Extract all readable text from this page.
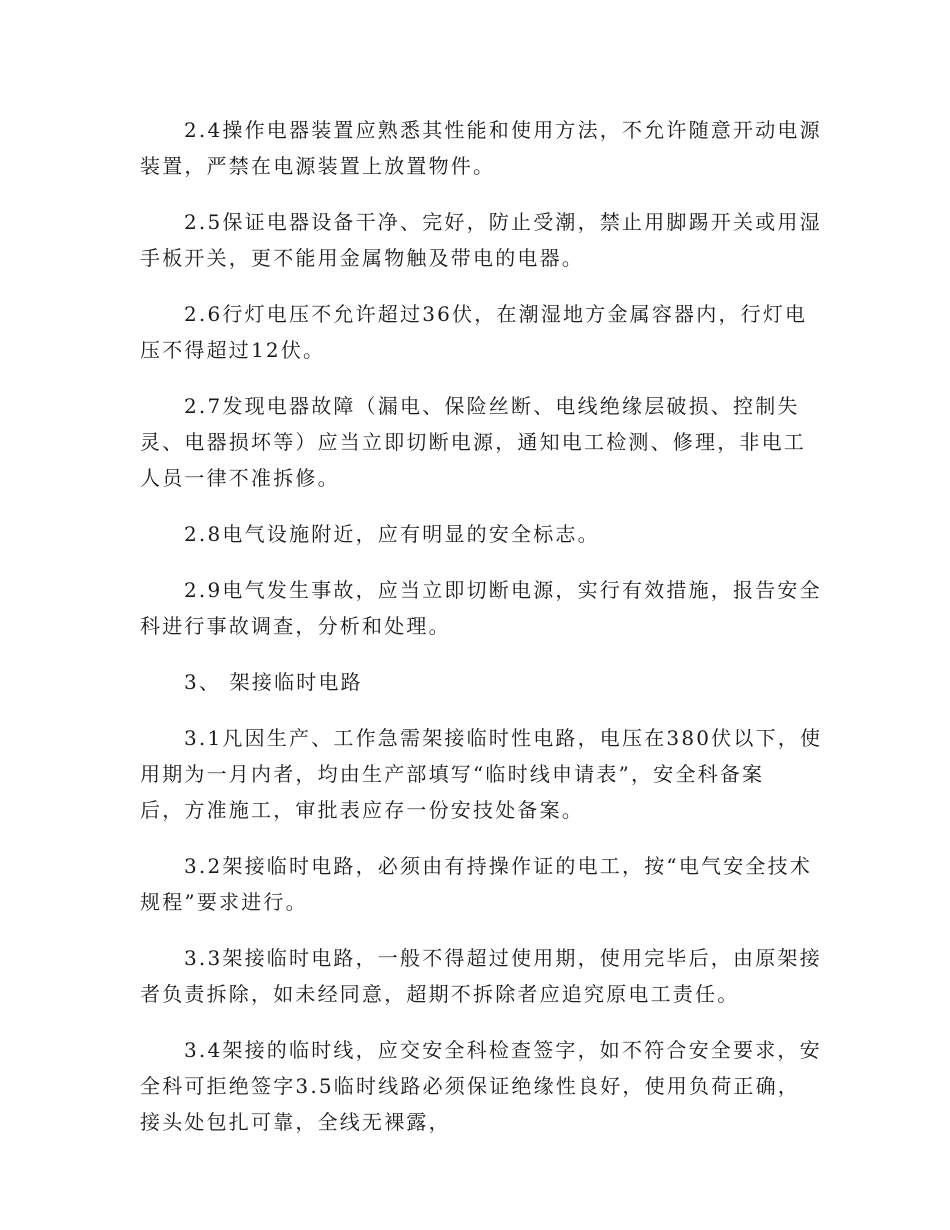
2.4操作电器装置应熟悉其性能和使用方法，不允许随意开动电源
装置，严禁在电源装置上放置物件。

2.5保证电器设备干净、完好，防止受潮，禁止用脚踢开关或用湿
手板开关，更不能用金属物触及带电的电器。

2.6行灯电压不允许超过36伏，在潮湿地方金属容器内，行灯电
压不得超过12伏。

2.7发现电器故障（漏电、保险丝断、电线绝缘层破损、控制失
灵、电器损坏等）应当立即切断电源，通知电工检测、修理，非电工
人员一律不准拆修。

2.8电气设施附近，应有明显的安全标志。

2.9电气发生事故，应当立即切断电源，实行有效措施，报告安全
科进行事故调查，分析和处理。

3、 架接临时电路

3.1凡因生产、工作急需架接临时性电路，电压在380伏以下，使
用期为一月内者，均由生产部填写“临时线申请表”，安全科备案
后，方准施工，审批表应存一份安技处备案。

3.2架接临时电路，必须由有持操作证的电工，按“电气安全技术
规程”要求进行。

3.3架接临时电路，一般不得超过使用期，使用完毕后，由原架接
者负责拆除，如未经同意，超期不拆除者应追究原电工责任。

3.4架接的临时线，应交安全科检查签字，如不符合安全要求，安
全科可拒绝签字3.5临时线路必须保证绝缘性良好，使用负荷正确，
接头处包扎可靠，全线无裸露，
